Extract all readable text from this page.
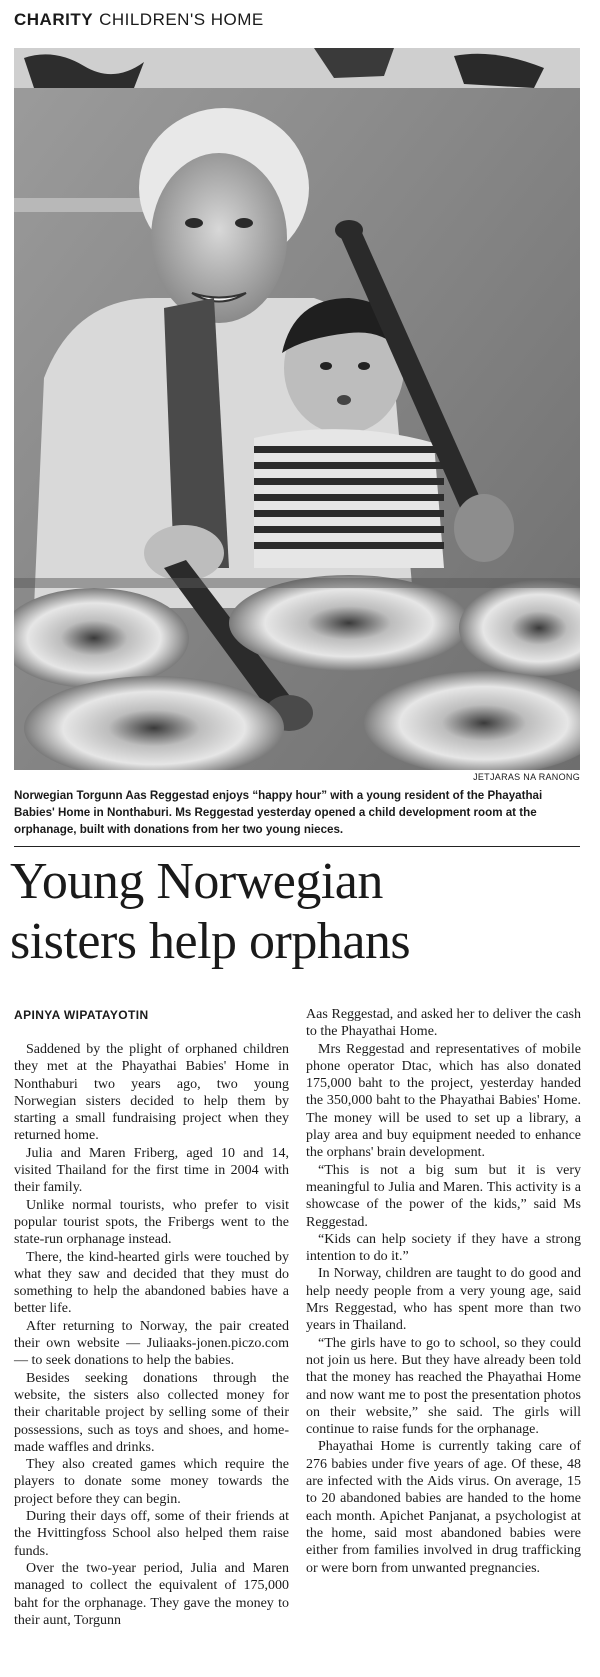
CHARITY CHILDREN'S HOME
JETJARAS NA RANONG
Norwegian Torgunn Aas Reggestad enjoys “happy hour” with a young resident of the Phayathai Babies' Home in Nonthaburi. Ms Reggestad yesterday opened a child development room at the orphanage, built with donations from her two young nieces.
Young Norwegian
sisters help orphans
APINYA WIPATAYOTIN

Saddened by the plight of orphaned children they met at the Phayathai Babies' Home in Nonthaburi two years ago, two young Norwegian sisters decided to help them by starting a small fundraising project when they returned home.

Julia and Maren Friberg, aged 10 and 14, visited Thailand for the first time in 2004 with their family.

Unlike normal tourists, who prefer to visit popular tourist spots, the Fribergs went to the state-run orphanage instead.

There, the kind-hearted girls were touched by what they saw and decided that they must do something to help the abandoned babies have a better life.

After returning to Norway, the pair created their own website — Juliaaks-jonen.piczo.com — to seek donations to help the babies.

Besides seeking donations through the website, the sisters also collected money for their charitable project by selling some of their possessions, such as toys and shoes, and home-made waffles and drinks.

They also created games which require the players to donate some money towards the project before they can begin.

During their days off, some of their friends at the Hvittingfoss School also helped them raise funds.

Over the two-year period, Julia and Maren managed to collect the equivalent of 175,000 baht for the orphanage. They gave the money to their aunt, Torgunn

Aas Reggestad, and asked her to deliver the cash to the Phayathai Home.

Mrs Reggestad and representatives of mobile phone operator Dtac, which has also donated 175,000 baht to the project, yesterday handed the 350,000 baht to the Phayathai Babies' Home. The money will be used to set up a library, a play area and buy equipment needed to enhance the orphans' brain development.

“This is not a big sum but it is very meaningful to Julia and Maren. This activity is a showcase of the power of the kids,” said Ms Reggestad.

“Kids can help society if they have a strong intention to do it.”

In Norway, children are taught to do good and help needy people from a very young age, said Mrs Reggestad, who has spent more than two years in Thailand.

“The girls have to go to school, so they could not join us here. But they have already been told that the money has reached the Phayathai Home and now want me to post the presentation photos on their website,” she said. The girls will continue to raise funds for the orphanage.

Phayathai Home is currently taking care of 276 babies under five years of age. Of these, 48 are infected with the Aids virus. On average, 15 to 20 abandoned babies are handed to the home each month. Apichet Panjanat, a psychologist at the home, said most abandoned babies were either from families involved in drug trafficking or were born from unwanted pregnancies.
